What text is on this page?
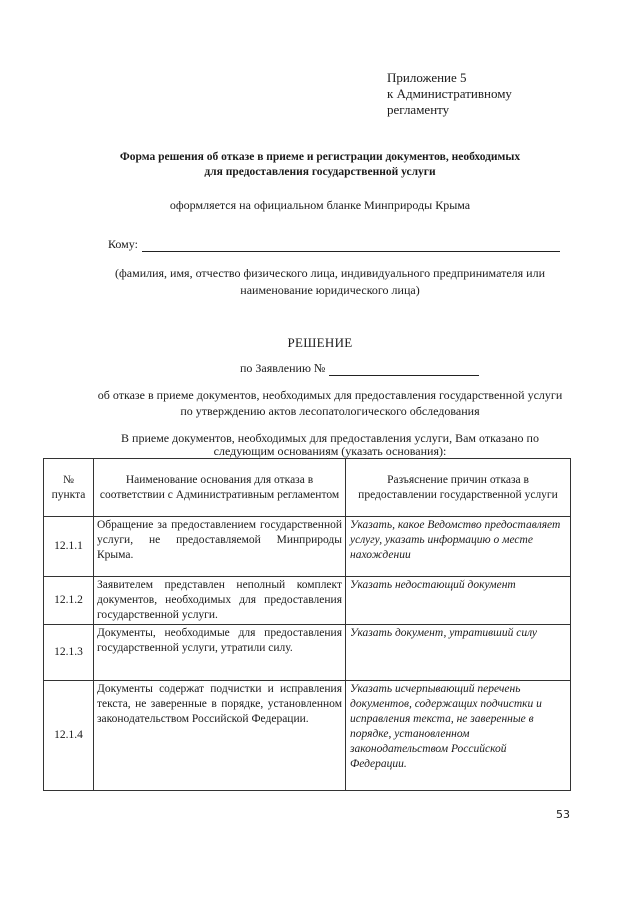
Приложение 5
к Административному
регламенту
Форма решения об отказе в приеме и регистрации документов, необходимых
для предоставления государственной услуги
оформляется на официальном бланке Минприроды Крыма
Кому:
(фамилия, имя, отчество физического лица, индивидуального предпринимателя или
наименование юридического лица)
РЕШЕНИЕ
по Заявлению №
об отказе в приеме документов, необходимых для предоставления государственной услуги
по утверждению актов лесопатологического обследования
В приеме документов, необходимых для предоставления услуги, Вам отказано по
следующим основаниям (указать основания):
№ пункта	Наименование основания для отказа в соответствии с Административным регламентом	Разъяснение причин отказа в предоставлении государственной услуги
12.1.1	Обращение за предоставлением государственной услуги, не предоставляемой Минприроды Крыма.	Указать, какое Ведомство предоставляет услугу, указать информацию о месте нахождении
12.1.2	Заявителем представлен неполный комплект документов, необходимых для предоставления государственной услуги.	Указать недостающий документ
12.1.3	Документы, необходимые для предоставления государственной услуги, утратили силу.	Указать документ, утративший силу
12.1.4	Документы содержат подчистки и исправления текста, не заверенные в порядке, установленном законодательством Российской Федерации.	Указать исчерпывающий перечень документов, содержащих подчистки и исправления текста, не заверенные в порядке, установленном законодательством Российской Федерации.
53
